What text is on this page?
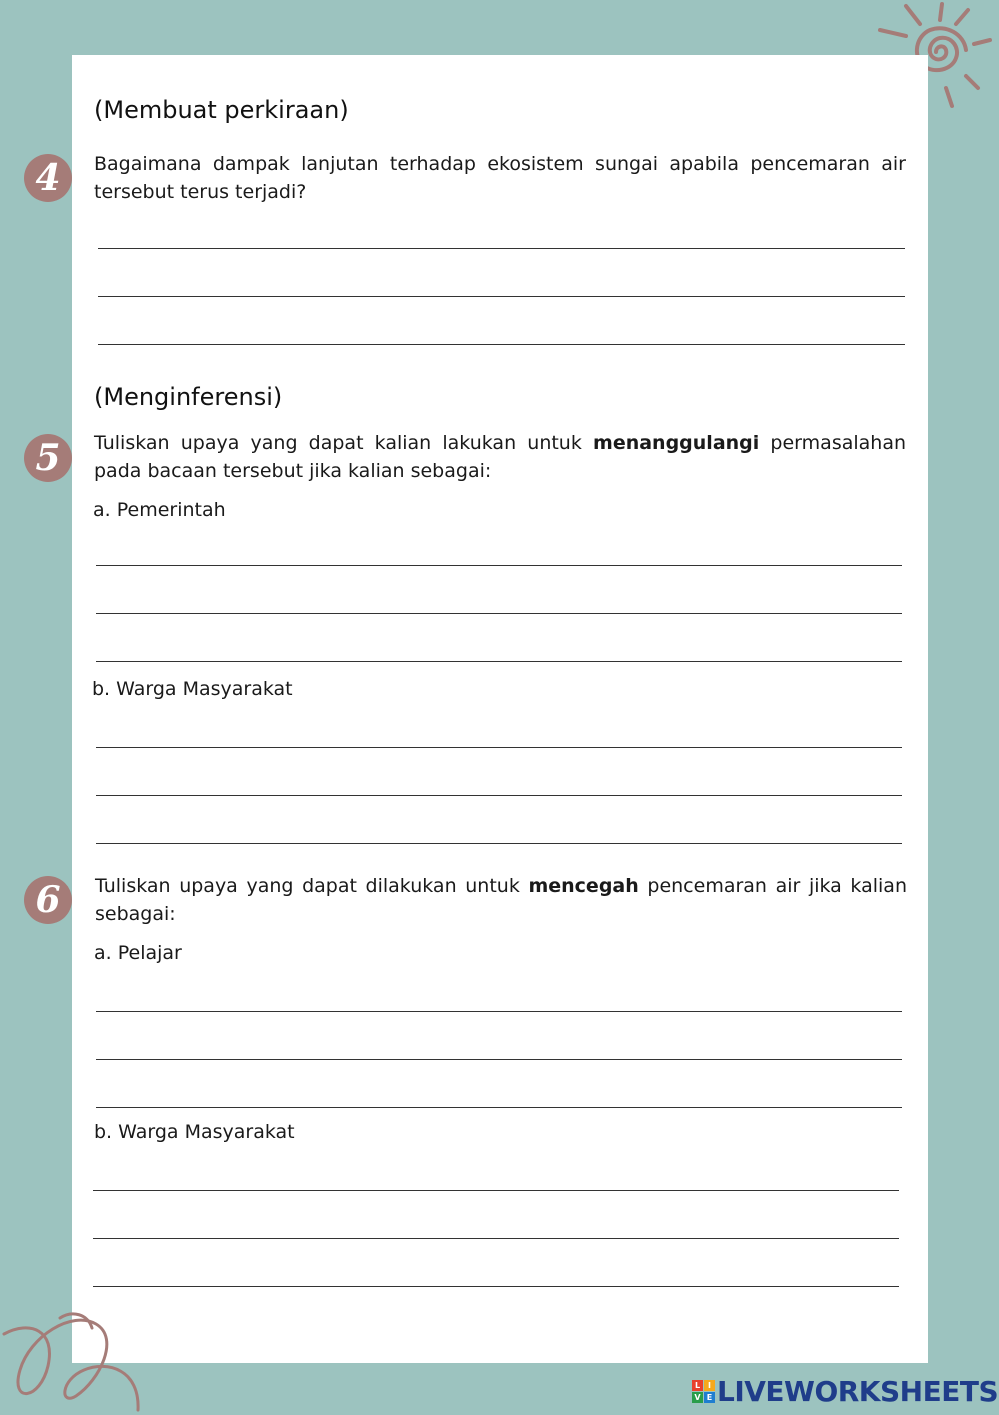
(Membuat perkiraan)
4	Bagaimana dampak lanjutan terhadap ekosistem sungai apabila pencemaran air tersebut terus terjadi?
(Menginferensi)
5	Tuliskan upaya yang dapat kalian lakukan untuk menanggulangi permasalahan pada bacaan tersebut jika kalian sebagai:
a. Pemerintah
b. Warga Masyarakat
6	Tuliskan upaya yang dapat dilakukan untuk mencegah pencemaran air jika kalian sebagai:
a. Pelajar
b. Warga Masyarakat
L I
V E LIVEWORKSHEETS
